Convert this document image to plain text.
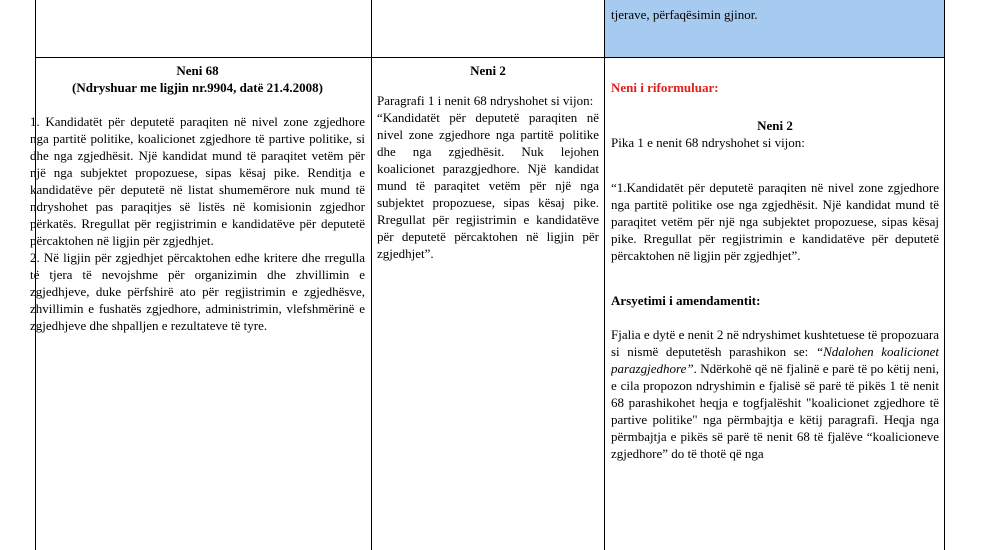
tjerave, përfaqësimin gjinor.

Neni 68

(Ndryshuar me ligjin nr.9904, datë 21.4.2008)

1. Kandidatët për deputetë paraqiten në nivel zone zgjedhore nga partitë politike, koalicionet zgjedhore të partive politike, si dhe nga zgjedhësit. Një kandidat mund të paraqitet vetëm për një nga subjektet propozuese, sipas kësaj pike. Renditja e kandidatëve për deputetë në listat shumemërore nuk mund të ndryshohet pas paraqitjes së listës në komisionin zgjedhor përkatës. Rregullat për regjistrimin e kandidatëve për deputetë përcaktohen në ligjin për zgjedhjet.

2. Në ligjin për zgjedhjet përcaktohen edhe kritere dhe rregulla të tjera të nevojshme për organizimin dhe zhvillimin e zgjedhjeve, duke përfshirë ato për regjistrimin e zgjedhësve, zhvillimin e fushatës zgjedhore, administrimin, vlefshmërinë e zgjedhjeve dhe shpalljen e rezultateve të tyre.

Neni 2

Paragrafi 1 i nenit 68 ndryshohet si vijon:

“Kandidatët për deputetë paraqiten në nivel zone zgjedhore nga partitë politike dhe nga zgjedhësit. Nuk lejohen koalicionet parazgjedhore. Një kandidat mund të paraqitet vetëm për një nga subjektet propozuese, sipas kësaj pike. Rregullat për regjistrimin e kandidatëve për deputetë përcaktohen në ligjin për zgjedhjet”.

Neni i riformuluar:

Neni 2

Pika 1 e nenit 68 ndryshohet si vijon:

“1.Kandidatët për deputetë paraqiten në nivel zone zgjedhore nga partitë politike ose nga zgjedhësit. Një kandidat mund të paraqitet vetëm për një nga subjektet propozuese, sipas kësaj pike. Rregullat për regjistrimin e kandidatëve për deputetë përcaktohen në ligjin për zgjedhjet”.

Arsyetimi i amendamentit:

Fjalia e dytë e nenit 2 në ndryshimet kushtetuese të propozuara si nismë deputetësh parashikon se: “Ndalohen koalicionet parazgjedhore”. Ndërkohë që në fjalinë e parë të po këtij neni, e cila propozon ndryshimin e fjalisë së parë të pikës 1 të nenit 68 parashikohet heqja e togfjalëshit "koalicionet zgjedhore të partive politike" nga përmbajtja e këtij paragrafi. Heqja nga përmbajtja e pikës së parë të nenit 68 të fjalëve “koalicioneve zgjedhore” do të thotë që nga
